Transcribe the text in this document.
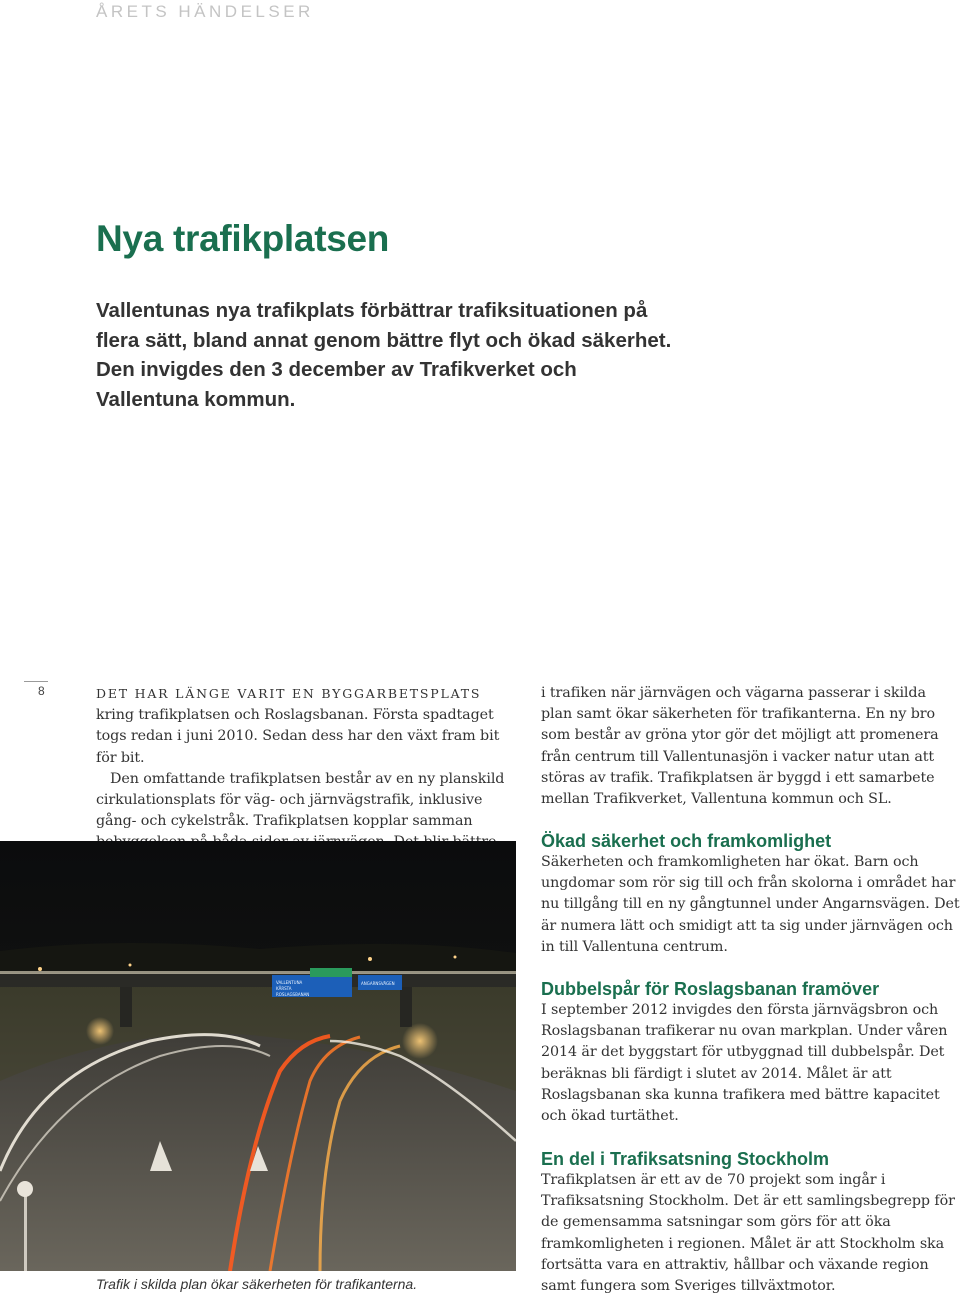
ÅRETS HÄNDELSER
Nya trafikplatsen

Vallentunas nya trafikplats förbättrar trafiksituationen på flera sätt, bland annat genom bättre flyt och ökad säkerhet. Den invigdes den 3 december av Trafikverket och Vallentuna kommun.

8	DET HAR LÄNGE VARIT EN BYGGARBETSPLATS kring trafikplatsen och Roslagsbanan. Första spadtaget togs redan i juni 2010. Sedan dess har den växt fram bit för bit.

Den omfattande trafikplatsen består av en ny planskild cirkulationsplats för väg- och järnvägstrafik, inklusive gång- och cykelstråk. Trafikplatsen kopplar samman

i trafiken när järnvägen och vägarna passerar i skilda plan samt ökar säkerheten för trafikanterna. En ny bro som består av gröna ytor gör det möjligt att promenera från centrum till Vallentunasjön i vacker natur utan att störas av trafik. Trafikplatsen är byggd i ett samarbete mellan Trafikverket, Vallentuna kommun och SL.

Ökad säkerhet och framkomlighet

Säkerheten och framkomligheten har ökat. Barn och ungdomar som rör sig till och från skolorna i området har nu tillgång till en ny gångtunnel under Angarnsvägen. Det är numera lätt och smidigt att ta sig under järnvägen och in till Vallentuna centrum.

Dubbelspår för Roslagsbanan framöver

I september 2012 invigdes den första järnvägsbron och Roslagsbanan trafikerar nu ovan markplan. Under våren 2014 är det byggstart för utbyggnad till dubbelspår. Det beräknas bli färdigt i slutet av 2014. Målet är att Roslagsbanan ska kunna trafikera med bättre kapacitet och ökad turtäthet.

En del i Trafiksatsning Stockholm

Trafikplatsen är ett av de 70 projekt som ingår i Trafiksatsning Stockholm. Det är ett samlingsbegrepp för de gemensamma satsningar som görs för att öka framkomligheten i regionen. Målet är att Stockholm ska fortsätta vara en attraktiv, hållbar och växande region samt fungera som Sveriges tillväxtmotor.

VALLENTUNA
KÅRSTA
ROSLAGSBANAN
ANGARNSVÄGEN

Trafik i skilda plan ökar säkerheten för trafikanterna.
